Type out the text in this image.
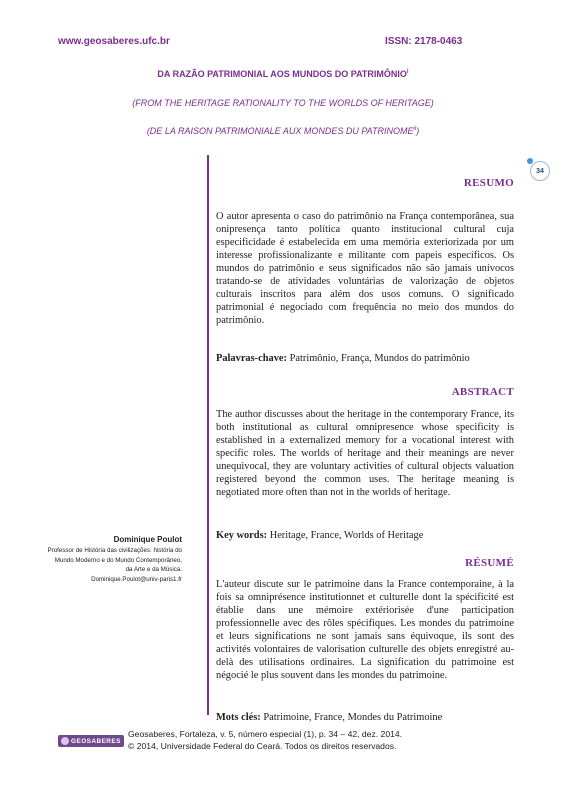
www.geosaberes.ufc.br	ISSN: 2178-0463
DA RAZÃO PATRIMONIAL AOS MUNDOS DO PATRIMÔNIO$^i$
(FROM THE HERITAGE RATIONALITY TO THE WORLDS OF HERITAGE)
(DE LA RAISON PATRIMONIALE AUX MONDES DU PATRINOME$^{ii}$)
34
RESUMO

O autor apresenta o caso do patrimônio na França contemporânea, sua onipresença tanto política quanto institucional cultural cuja especificidade é estabelecida em uma memória exteriorizada por um interesse profissionalizante e militante com papeis específicos. Os mundos do patrimônio e seus significados não são jamais unívocos tratando-se de atividades voluntárias de valorização de objetos culturais inscritos para além dos usos comuns. O significado patrimonial é negociado com frequência no meio dos mundos do patrimônio.

Palavras-chave: Patrimônio, França, Mundos do patrimônio

ABSTRACT

The author discusses about the heritage in the contemporary France, its both institutional as cultural omnipresence whose specificity is established in a externalized memory for a vocational interest with specific roles. The worlds of heritage and their meanings are never unequivocal, they are voluntary activities of cultural objects valuation registered beyond the common uses. The heritage meaning is negotiated more often than not in the worlds of heritage.

Key words: Heritage, France, Worlds of Heritage

RÉSUMÉ

L'auteur discute sur le patrimoine dans la France contemporaine, à la fois sa omniprésence institutionnet et culturelle dont la spécificité est établie dans une mémoire extériorisée d'une participation professionnelle avec des rôles spécifiques. Les mondes du patrimoine et leurs significations ne sont jamais sans équivoque, ils sont des activités volontaires de valorisation culturelle des objets enregistré au-delà des utilisations ordinaires. La signification du patrimoine est négocié le plus souvent dans les mondes du patrimoine.

Mots clés: Patrimoine, France, Mondes du Patrimoine

Dominique Poulot
Professor de História das civilizações: história do
Mundo Moderno e do Mundo Contemporâneo,
da Arte e da Música.
Dominique.Poulot@univ-paris1.fr
GEOSABERES
Geosaberes, Fortaleza, v. 5, número especial (1), p. 34 – 42, dez. 2014.
© 2014, Universidade Federal do Ceará. Todos os direitos reservados.
